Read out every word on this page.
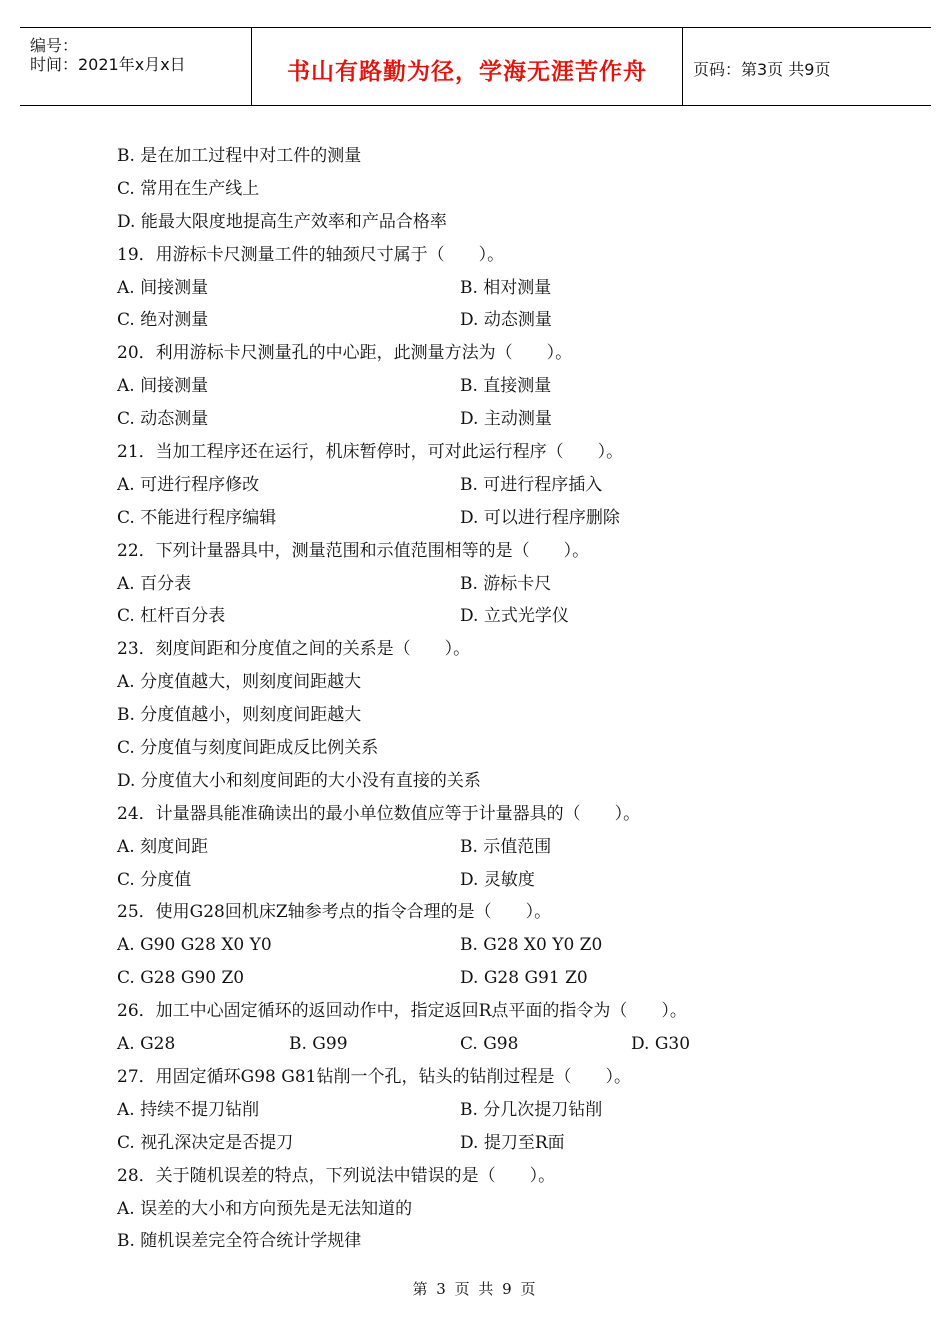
编号：
时间：2021年x月x日	书山有路勤为径，学海无涯苦作舟	页码：第3页 共9页
B. 是在加工过程中对工件的测量
C. 常用在生产线上
D. 能最大限度地提高生产效率和产品合格率
19．用游标卡尺测量工件的轴颈尺寸属于（　　）。
A. 间接测量	B. 相对测量
C. 绝对测量	D. 动态测量
20．利用游标卡尺测量孔的中心距，此测量方法为（　　）。
A. 间接测量	B. 直接测量
C. 动态测量	D. 主动测量
21．当加工程序还在运行，机床暂停时，可对此运行程序（　　）。
A. 可进行程序修改	B. 可进行程序插入
C. 不能进行程序编辑	D. 可以进行程序删除
22．下列计量器具中，测量范围和示值范围相等的是（　　）。
A. 百分表	B. 游标卡尺
C. 杠杆百分表	D. 立式光学仪
23．刻度间距和分度值之间的关系是（　　）。
A. 分度值越大，则刻度间距越大
B. 分度值越小，则刻度间距越大
C. 分度值与刻度间距成反比例关系
D. 分度值大小和刻度间距的大小没有直接的关系
24．计量器具能准确读出的最小单位数值应等于计量器具的（　　）。
A. 刻度间距	B. 示值范围
C. 分度值	D. 灵敏度
25．使用G28回机床Z轴参考点的指令合理的是（　　）。
A. G90 G28 X0 Y0	B. G28 X0 Y0 Z0
C. G28 G90 Z0	D. G28 G91 Z0
26．加工中心固定循环的返回动作中，指定返回R点平面的指令为（　　）。
A. G28	B. G99	C. G98	D. G30
27．用固定循环G98 G81钻削一个孔，钻头的钻削过程是（　　）。
A. 持续不提刀钻削	B. 分几次提刀钻削
C. 视孔深决定是否提刀	D. 提刀至R面
28．关于随机误差的特点，下列说法中错误的是（　　）。
A. 误差的大小和方向预先是无法知道的
B. 随机误差完全符合统计学规律
第 3 页 共 9 页
